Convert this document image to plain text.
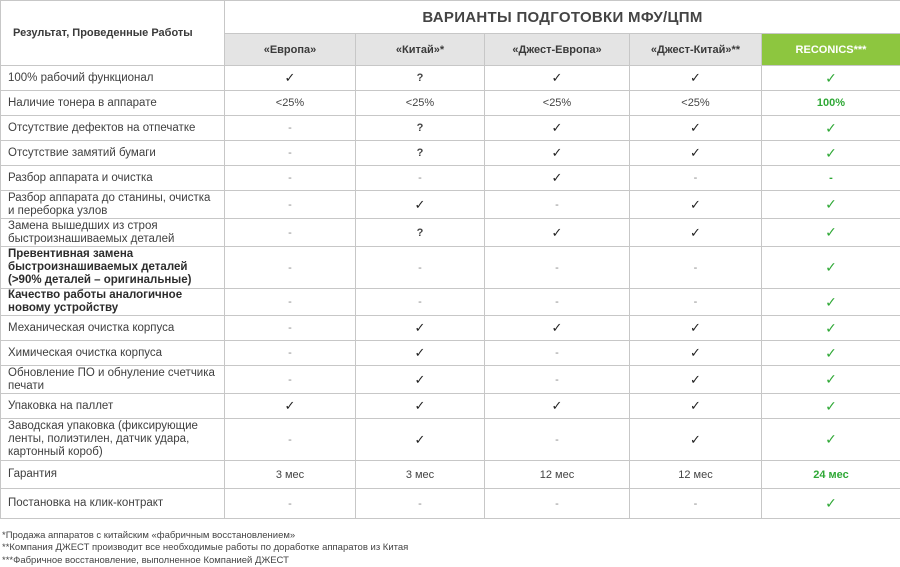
Результат, Проведенные Работы	ВАРИАНТЫ ПОДГОТОВКИ МФУ/ЦПМ				
	«Европа»	«Китай»*	«Джест-Европа»	«Джест-Китай»**	RECONICS***
100% рабочий функционал	✓	?	✓	✓	✓
Наличие тонера в аппарате	<25%	<25%	<25%	<25%	100%
Отсутствие дефектов на отпечатке	-	?	✓	✓	✓
Отсутствие замятий бумаги	-	?	✓	✓	✓
Разбор аппарата и очистка	-	-	✓	-	-
Разбор аппарата до станины, очистка и переборка узлов	-	✓	-	✓	✓
Замена вышедших из строя быстроизнашиваемых деталей	-	?	✓	✓	✓
Превентивная замена быстроизнашиваемых деталей (>90% деталей – оригинальные)	-	-	-	-	✓
Качество работы аналогичное новому устройству	-	-	-	-	✓
Механическая очистка корпуса	-	✓	✓	✓	✓
Химическая очистка корпуса	-	✓	-	✓	✓
Обновление ПО и обнуление счетчика печати	-	✓	-	✓	✓
Упаковка на паллет	✓	✓	✓	✓	✓
Заводская упаковка (фиксирующие ленты, полиэтилен, датчик удара, картонный короб)	-	✓	-	✓	✓
Гарантия	3 мес	3 мес	12 мес	12 мес	24 мес
Постановка на клик-контракт	-	-	-	-	✓

*Продажа аппаратов с китайским «фабричным восстановлением»

**Компания ДЖЕСТ производит все необходимые работы по доработке аппаратов из Китая

***Фабричное восстановление, выполненное Компанией ДЖЕСТ
